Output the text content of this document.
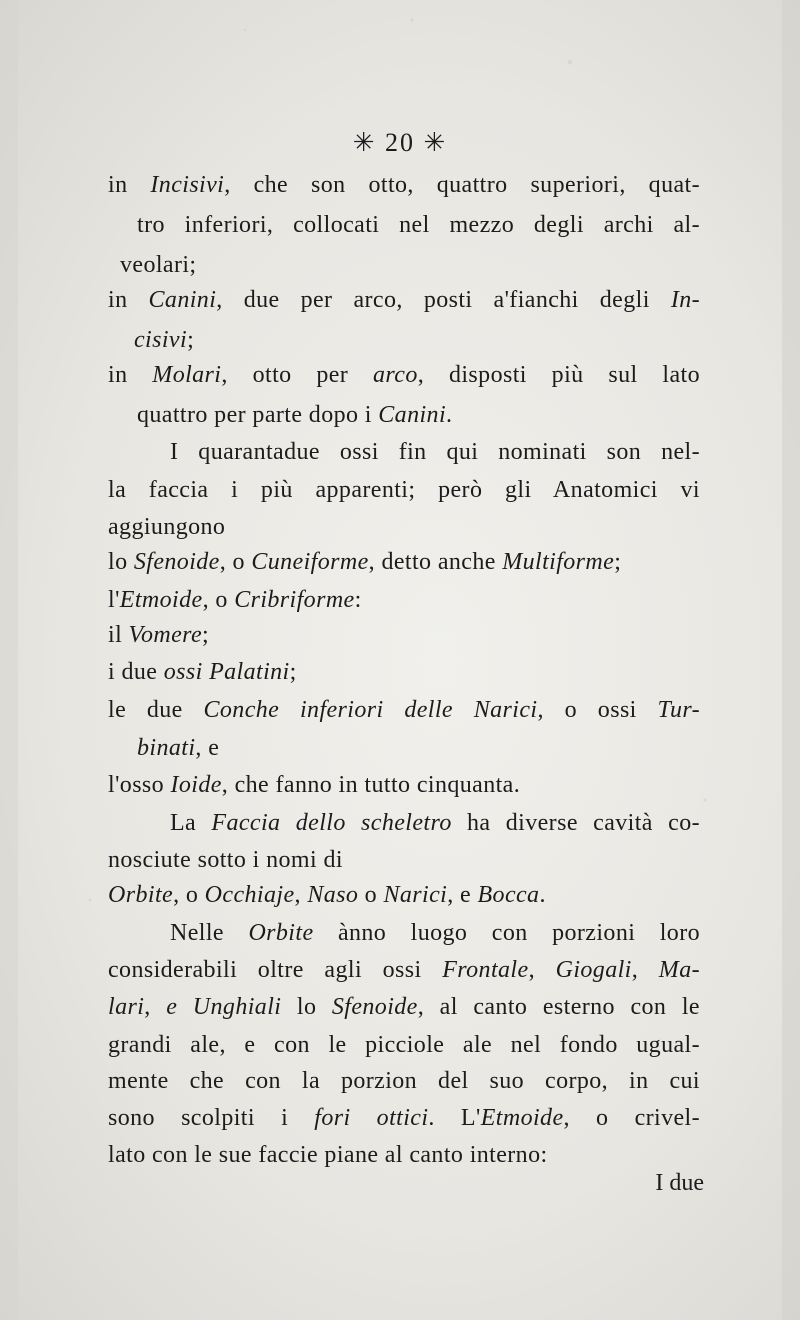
✳ 20 ✳
in Incisivi, che son otto, quattro superiori, quat-
tro inferiori, collocati nel mezzo degli archi al-
veolari;
in Canini, due per arco, posti a'fianchi degli In-
cisivi;
in Molari, otto per arco, disposti più sul lato
quattro per parte dopo i Canini.
I quarantadue ossi fin qui nominati son nel-
la faccia i più apparenti; però gli Anatomici vi
aggiungono
lo Sfenoide, o Cuneiforme, detto anche Multiforme;
l'Etmoide, o Cribriforme:
il Vomere;
i due ossi Palatini;
le due Conche inferiori delle Narici, o ossi Tur-
binati, e
l'osso Ioide, che fanno in tutto cinquanta.
La Faccia dello scheletro ha diverse cavità co-
nosciute sotto i nomi di
Orbite, o Occhiaje, Naso o Narici, e Bocca.
Nelle Orbite ànno luogo con porzioni loro
considerabili oltre agli ossi Frontale, Giogali, Ma-
lari, e Unghiali lo Sfenoide, al canto esterno con le
grandi ale, e con le picciole ale nel fondo ugual-
mente che con la porzion del suo corpo, in cui
sono scolpiti i fori ottici. L'Etmoide, o crivel-
lato con le sue faccie piane al canto interno:
I due
